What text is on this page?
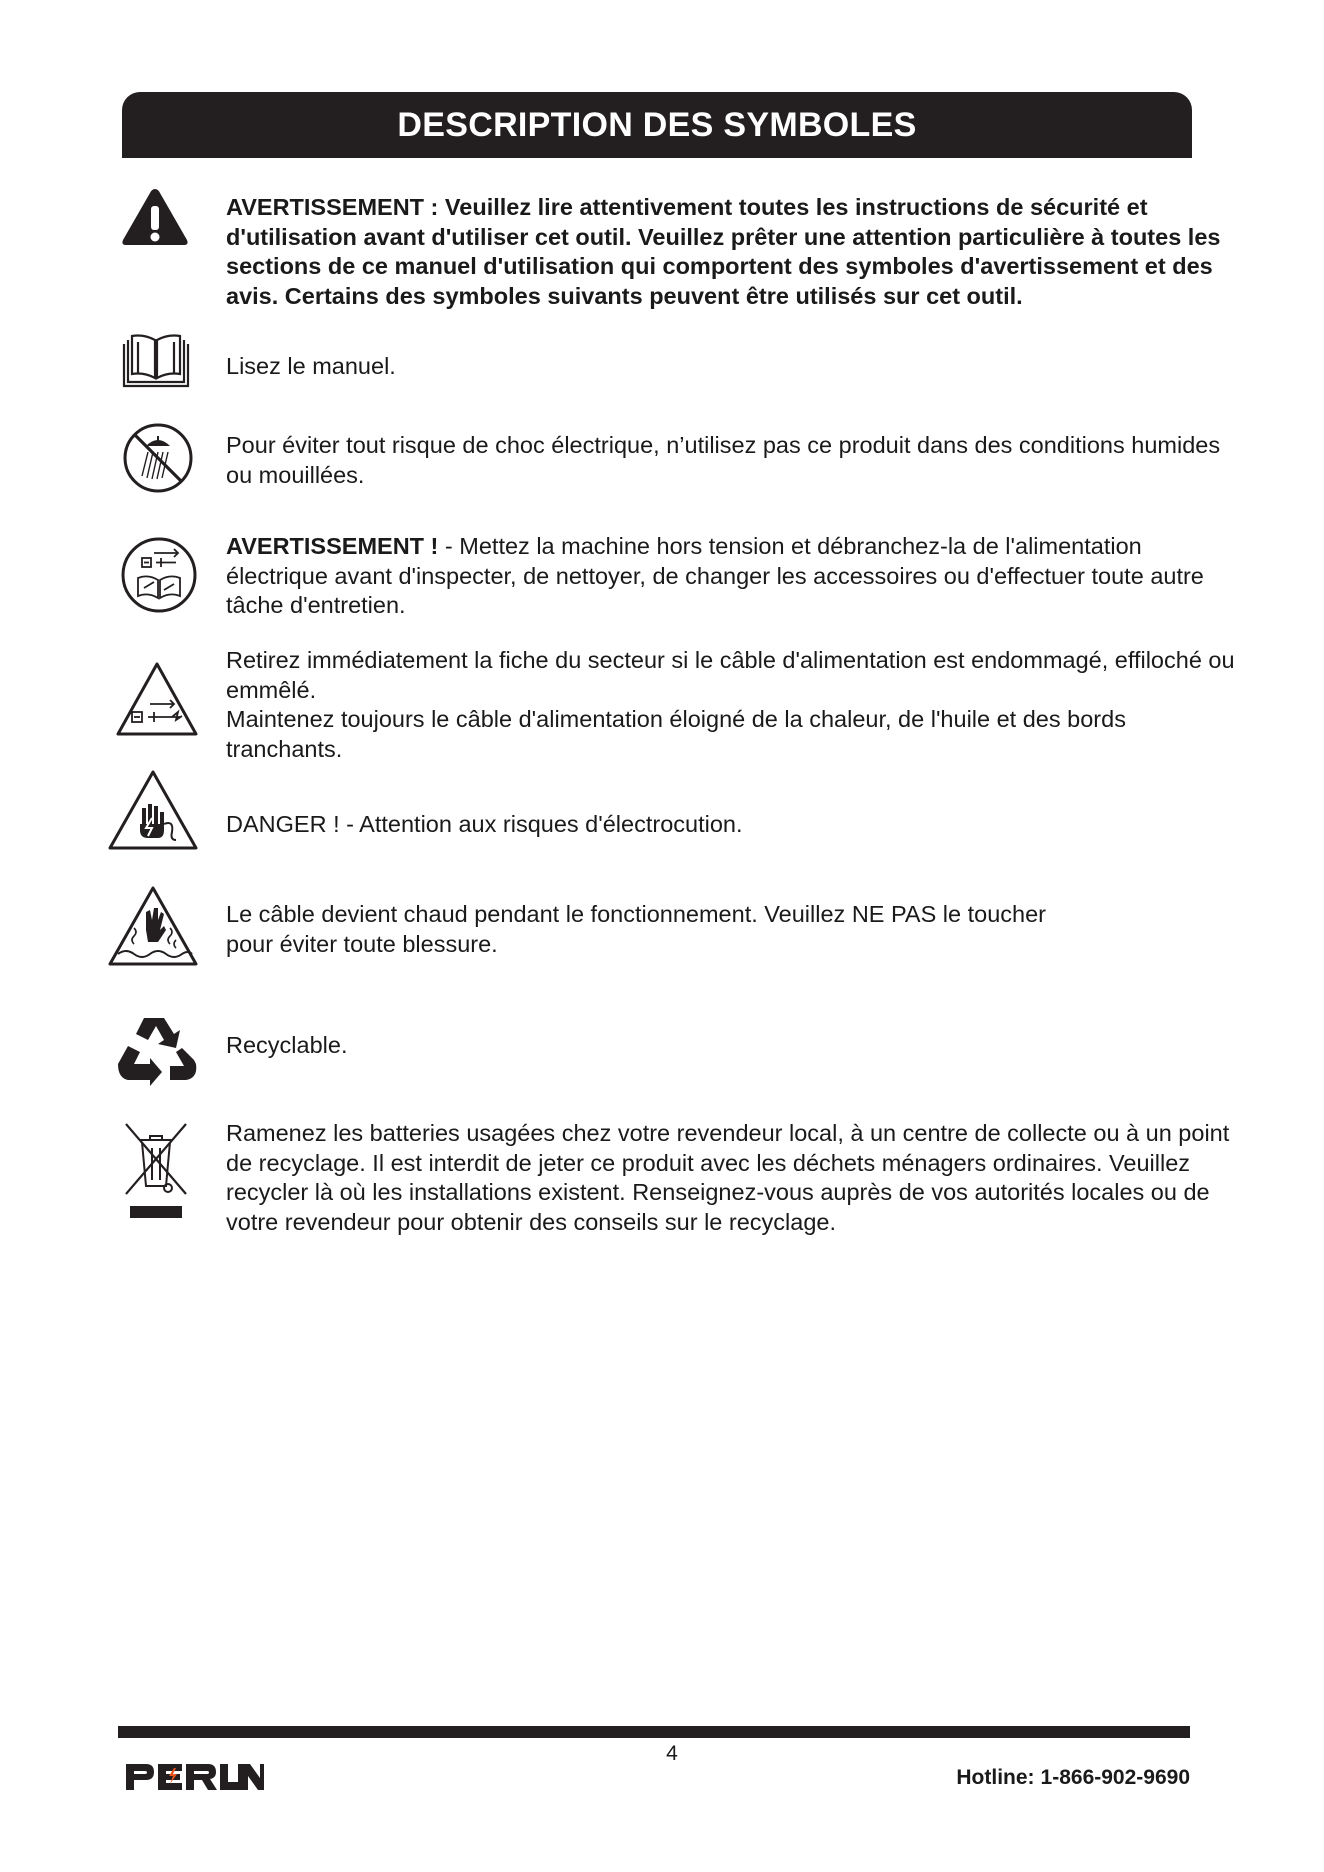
DESCRIPTION DES SYMBOLES
AVERTISSEMENT : Veuillez lire attentivement toutes les instructions de sécurité et d'utilisation avant d'utiliser cet outil. Veuillez prêter une attention particulière à toutes les sections de ce manuel d'utilisation qui comportent des symboles d'avertissement et des avis. Certains des symboles suivants peuvent être utilisés sur cet outil.
Lisez le manuel.
Pour éviter tout risque de choc électrique, n’utilisez pas ce produit dans des conditions humides ou mouillées.
AVERTISSEMENT ! - Mettez la machine hors tension et débranchez-la de l'alimentation électrique avant d'inspecter, de nettoyer, de changer les accessoires ou d'effectuer toute autre tâche d'entretien.

Retirez immédiatement la fiche du secteur si le câble d'alimentation est endommagé, effiloché ou emmêlé.

Maintenez toujours le câble d'alimentation éloigné de la chaleur, de l'huile et des bords tranchants.

DANGER ! - Attention aux risques d'électrocution.

Le câble devient chaud pendant le fonctionnement. Veuillez NE PAS le toucher

pour éviter toute blessure.

Recyclable.
Ramenez les batteries usagées chez votre revendeur local, à un centre de collecte ou à un point de recyclage. Il est interdit de jeter ce produit avec les déchets ménagers ordinaires. Veuillez recycler là où les installations existent. Renseignez-vous auprès de vos autorités locales ou de votre revendeur pour obtenir des conseils sur le recyclage.
4
Hotline: 1-866-902-9690
